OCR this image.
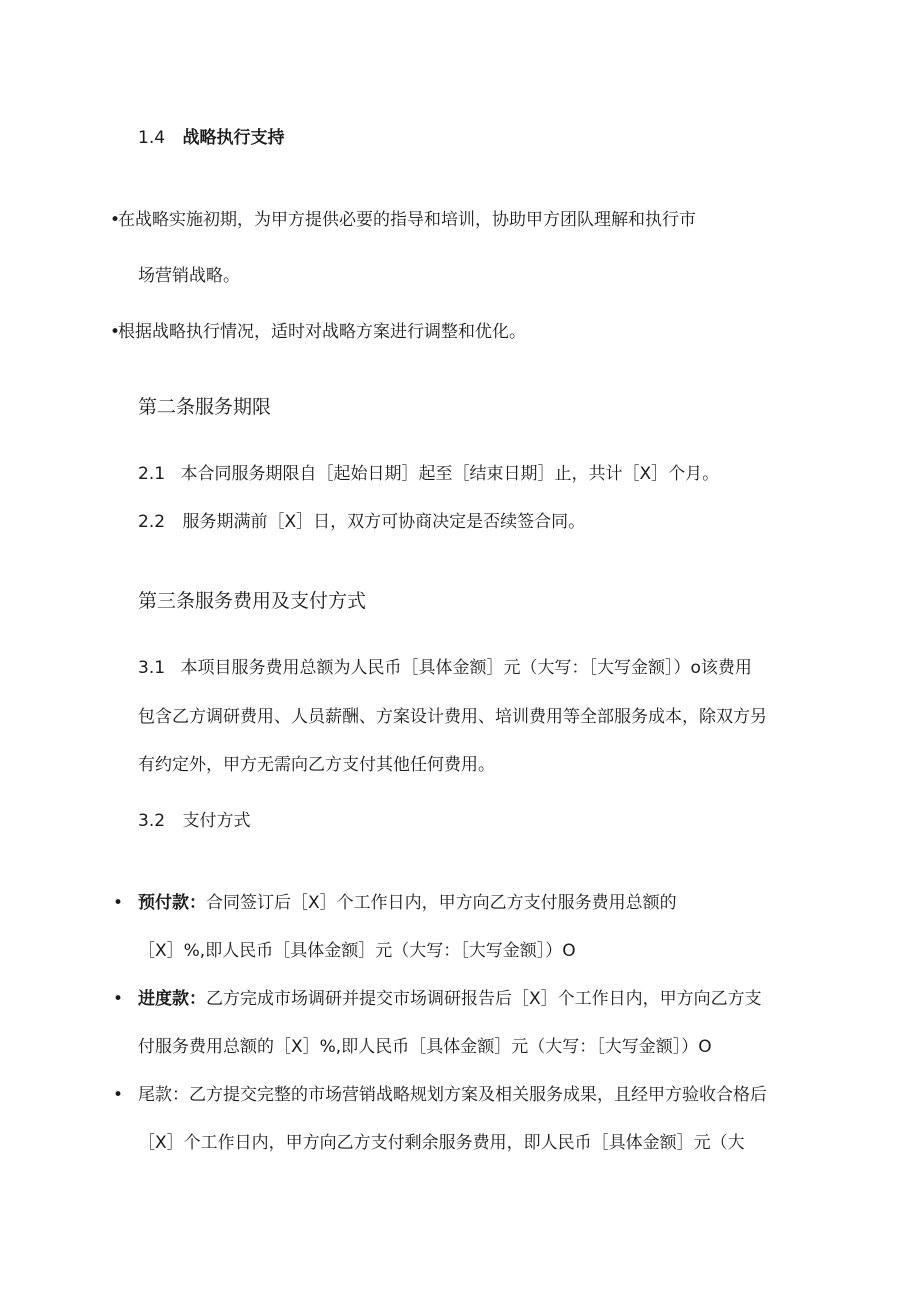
1.4 战略执行支持
•
在战略实施初期，为甲方提供必要的指导和培训，协助甲方团队理解和执行市
场营销战略。
•
根据战略执行情况，适时对战略方案进行调整和优化。
第二条服务期限
2.1 本合同服务期限自［起始日期］起至［结束日期］止，共计［X］个月。
2.2 服务期满前［X］日，双方可协商决定是否续签合同。
第三条服务费用及支付方式
3.1 本项目服务费用总额为人民币［具体金额］元（大写：［大写金额］）o该费用
包含乙方调研费用、人员薪酬、方案设计费用、培训费用等全部服务成本，除双方另
有约定外，甲方无需向乙方支付其他任何费用。
3.2 支付方式
• 预付款：合同签订后［X］个工作日内，甲方向乙方支付服务费用总额的
［X］%,即人民币［具体金额］元（大写：［大写金额］）O
• 进度款：乙方完成市场调研并提交市场调研报告后［X］个工作日内，甲方向乙方支
付服务费用总额的［X］%,即人民币［具体金额］元（大写：［大写金额］）O
• 尾款：乙方提交完整的市场营销战略规划方案及相关服务成果，且经甲方验收合格后
［X］个工作日内，甲方向乙方支付剩余服务费用，即人民币［具体金额］元（大
